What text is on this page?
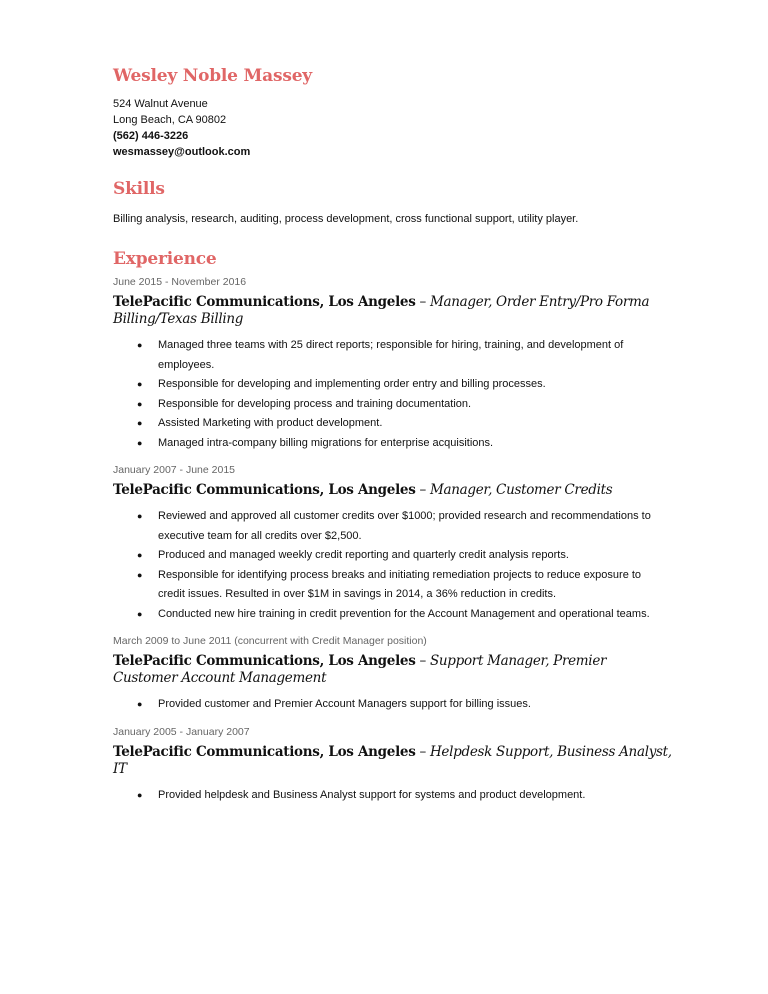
Wesley Noble Massey
524 Walnut Avenue
Long Beach, CA 90802
(562) 446-3226
wesmassey@outlook.com
Skills
Billing analysis, research, auditing, process development, cross functional support, utility player.
Experience
June 2015 - November 2016
TelePacific Communications, Los Angeles – Manager, Order Entry/Pro Forma Billing/Texas Billing
● Managed three teams with 25 direct reports; responsible for hiring, training, and development of employees.
● Responsible for developing and implementing order entry and billing processes.
● Responsible for developing process and training documentation.
● Assisted Marketing with product development.
● Managed intra-company billing migrations for enterprise acquisitions.
January 2007 - June 2015
TelePacific Communications, Los Angeles – Manager, Customer Credits
● Reviewed and approved all customer credits over $1000; provided research and recommendations to executive team for all credits over $2,500.
● Produced and managed weekly credit reporting and quarterly credit analysis reports.
● Responsible for identifying process breaks and initiating remediation projects to reduce exposure to credit issues. Resulted in over $1M in savings in 2014, a 36% reduction in credits.
● Conducted new hire training in credit prevention for the Account Management and operational teams.
March 2009 to June 2011 (concurrent with Credit Manager position)
TelePacific Communications, Los Angeles – Support Manager, Premier Customer Account Management
● Provided customer and Premier Account Managers support for billing issues.
January 2005 - January 2007
TelePacific Communications, Los Angeles – Helpdesk Support, Business Analyst, IT
● Provided helpdesk and Business Analyst support for systems and product development.
